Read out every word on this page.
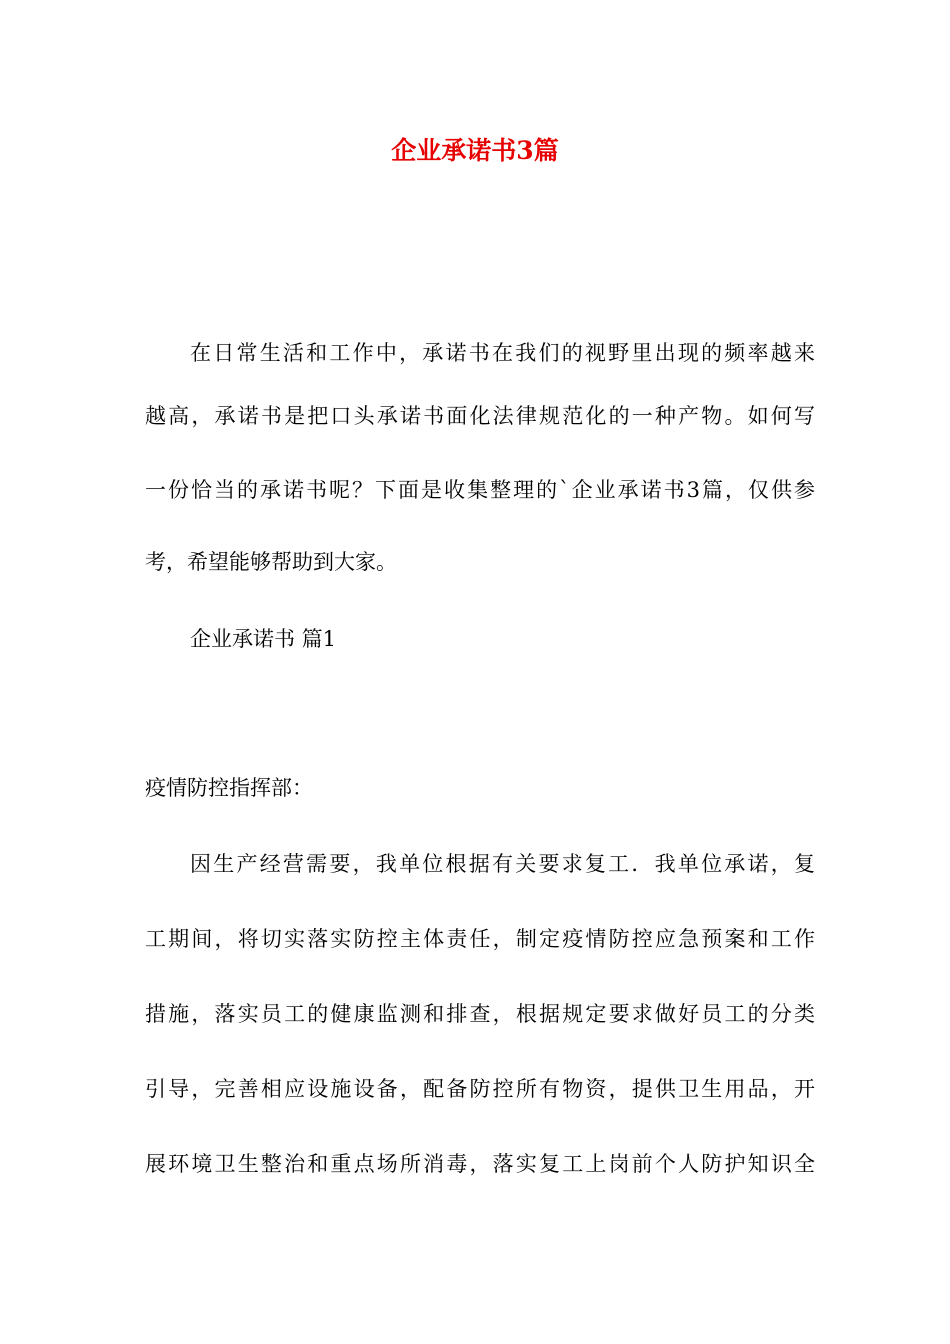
企业承诺书3篇

在日常生活和工作中，承诺书在我们的视野里出现的频率越来

越高，承诺书是把口头承诺书面化法律规范化的一种产物。如何写

一份恰当的承诺书呢？下面是收集整理的`企业承诺书3篇，仅供参

考，希望能够帮助到大家。

企业承诺书 篇1

疫情防控指挥部：

因生产经营需要，我单位根据有关要求复工．我单位承诺，复

工期间，将切实落实防控主体责任，制定疫情防控应急预案和工作

措施，落实员工的健康监测和排查，根据规定要求做好员工的分类

引导，完善相应设施设备，配备防控所有物资，提供卫生用品，开

展环境卫生整治和重点场所消毒，落实复工上岗前个人防护知识全
